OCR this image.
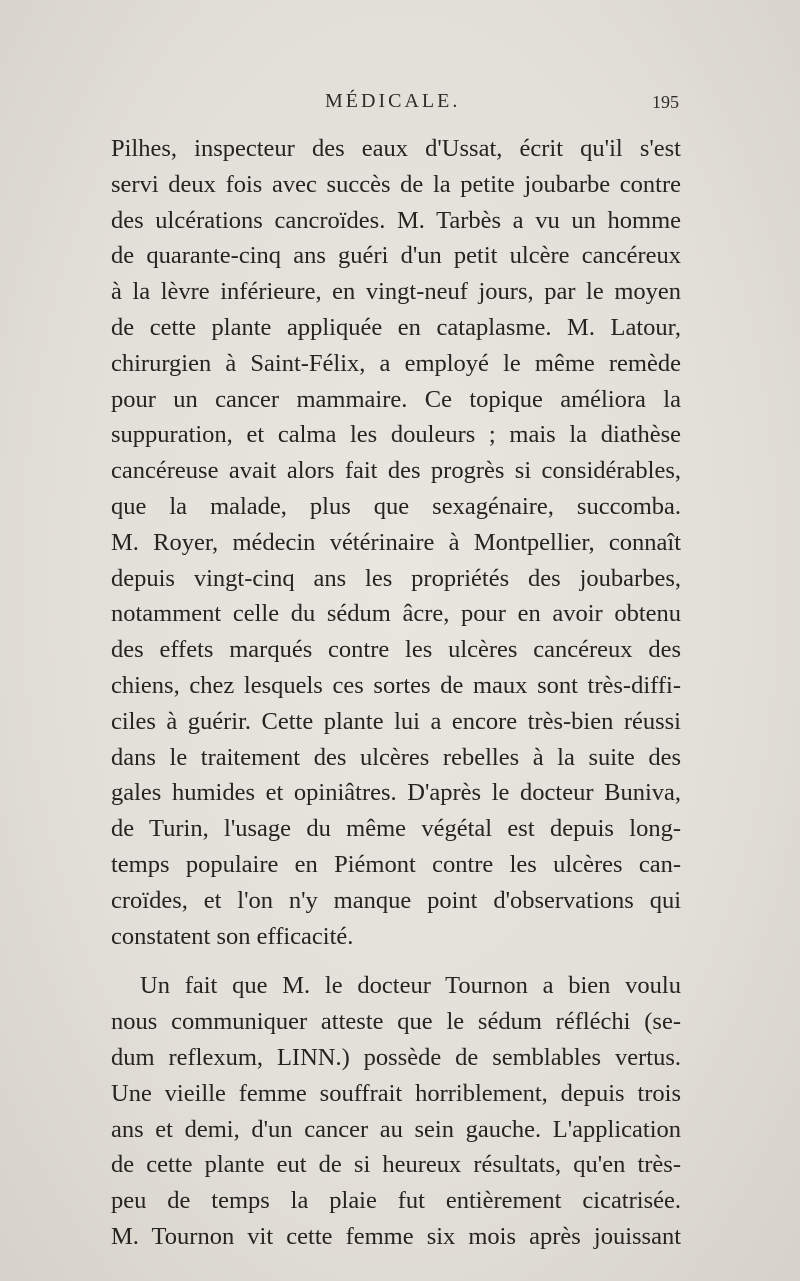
MÉDICALE.	195
Pilhes, inspecteur des eaux d'Ussat, écrit qu'il s'est
servi deux fois avec succès de la petite joubarbe contre
des ulcérations cancroïdes. M. Tarbès a vu un homme
de quarante-cinq ans guéri d'un petit ulcère cancéreux
à la lèvre inférieure, en vingt-neuf jours, par le moyen
de cette plante appliquée en cataplasme. M. Latour,
chirurgien à Saint-Félix, a employé le même remède
pour un cancer mammaire. Ce topique améliora la
suppuration, et calma les douleurs ; mais la diathèse
cancéreuse avait alors fait des progrès si considérables,
que la malade, plus que sexagénaire, succomba.
M. Royer, médecin vétérinaire à Montpellier, connaît
depuis vingt-cinq ans les propriétés des joubarbes,
notamment celle du sédum âcre, pour en avoir obtenu
des effets marqués contre les ulcères cancéreux des
chiens, chez lesquels ces sortes de maux sont très-diffi-
ciles à guérir. Cette plante lui a encore très-bien réussi
dans le traitement des ulcères rebelles à la suite des
gales humides et opiniâtres. D'après le docteur Buniva,
de Turin, l'usage du même végétal est depuis long-
temps populaire en Piémont contre les ulcères can-
croïdes, et l'on n'y manque point d'observations qui
constatent son efficacité.
Un fait que M. le docteur Tournon a bien voulu
nous communiquer atteste que le sédum réfléchi (se-
dum reflexum, LINN.) possède de semblables vertus.
Une vieille femme souffrait horriblement, depuis trois
ans et demi, d'un cancer au sein gauche. L'application
de cette plante eut de si heureux résultats, qu'en très-
peu de temps la plaie fut entièrement cicatrisée.
M. Tournon vit cette femme six mois après jouissant
